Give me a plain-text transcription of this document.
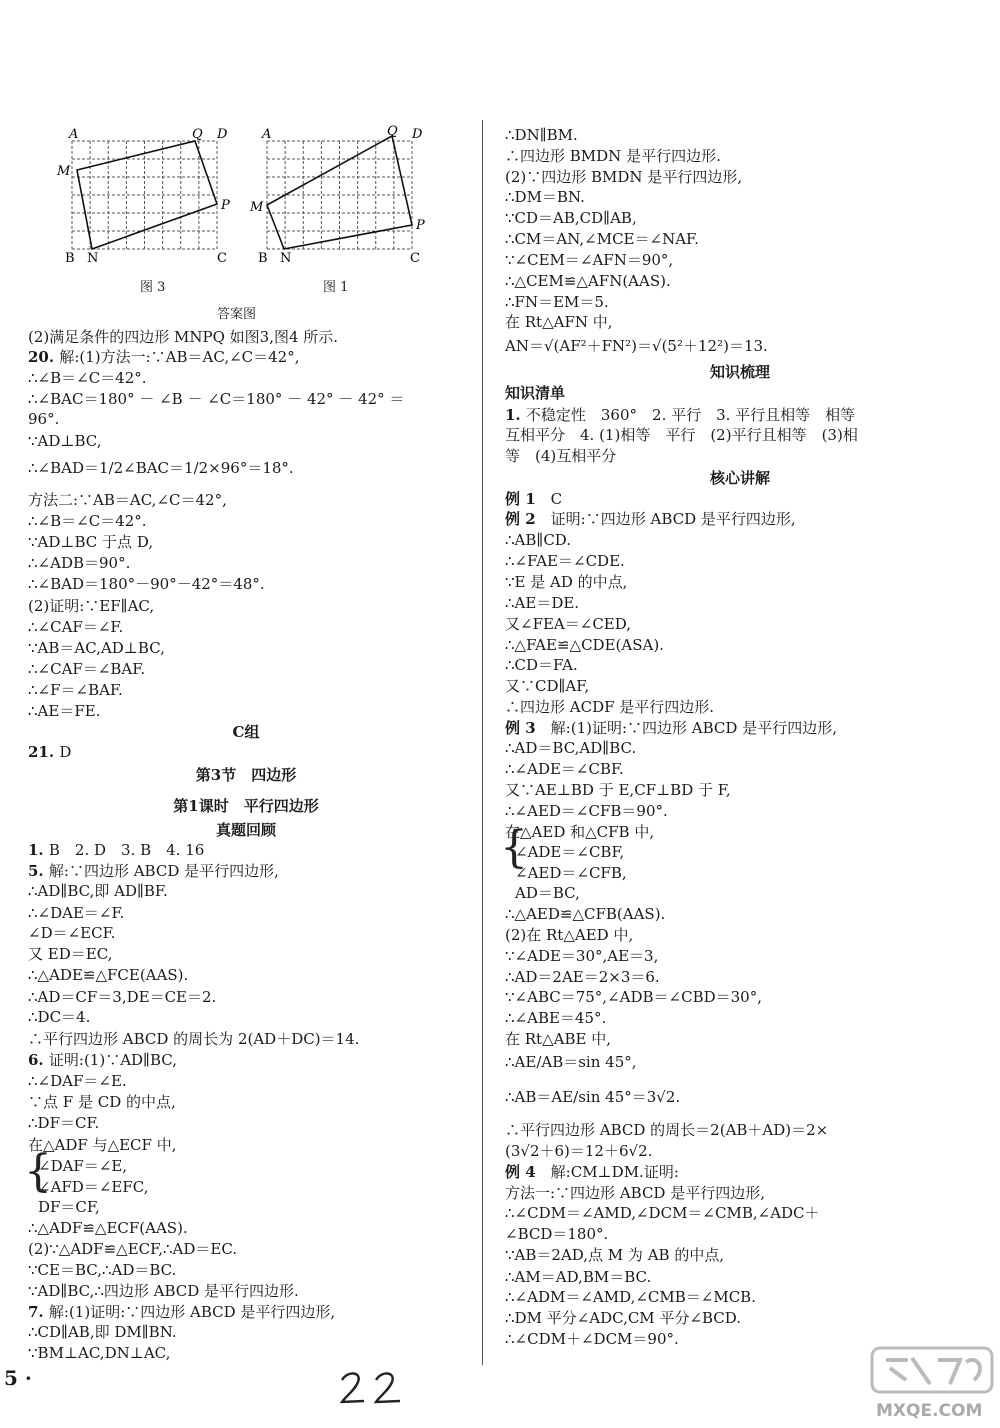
A	Q D
M
P
B N	C
图 3
A	Q D
M
P
B N	C
图 1
答案图
(2)满足条件的四边形 MNPQ 如图3,图4 所示.
20. 解:(1)方法一:∵AB＝AC,∠C＝42°,
∴∠B＝∠C＝42°.
∴∠BAC＝180° － ∠B － ∠C＝180° － 42° － 42° ＝
96°.
∵AD⊥BC,
∴∠BAD＝1/2∠BAC＝1/2×96°＝18°.
方法二:∵AB＝AC,∠C＝42°,
∴∠B＝∠C＝42°.
∵AD⊥BC 于点 D,
∴∠ADB＝90°.
∴∠BAD＝180°－90°－42°＝48°.
(2)证明:∵EF∥AC,
∴∠CAF＝∠F.
∵AB＝AC,AD⊥BC,
∴∠CAF＝∠BAF.
∴∠F＝∠BAF.
∴AE＝FE.
C组
21. D
第3节　四边形
第1课时　平行四边形
真题回顾
1. B　2. D　3. B　4. 16
5. 解:∵四边形 ABCD 是平行四边形,
∴AD∥BC,即 AD∥BF.
∴∠DAE＝∠F.
∠D＝∠ECF.
又 ED＝EC,
∴△ADE≌△FCE(AAS).
∴AD＝CF＝3,DE＝CE＝2.
∴DC＝4.
∴平行四边形 ABCD 的周长为 2(AD＋DC)＝14.
6. 证明:(1)∵AD∥BC,
∴∠DAF＝∠E.
∵点 F 是 CD 的中点,
∴DF＝CF.
在△ADF 与△ECF 中,
∠DAF＝∠E,
∠AFD＝∠EFC,
DF＝CF,
∴△ADF≌△ECF(AAS).
(2)∵△ADF≌△ECF,∴AD＝EC.
∵CE＝BC,∴AD＝BC.
∵AD∥BC,∴四边形 ABCD 是平行四边形.
7. 解:(1)证明:∵四边形 ABCD 是平行四边形,
∴CD∥AB,即 DM∥BN.
∵BM⊥AC,DN⊥AC,
∴DN∥BM.
∴四边形 BMDN 是平行四边形.
(2)∵四边形 BMDN 是平行四边形,
∴DM＝BN.
∵CD＝AB,CD∥AB,
∴CM＝AN,∠MCE＝∠NAF.
∵∠CEM＝∠AFN＝90°,
∴△CEM≌△AFN(AAS).
∴FN＝EM＝5.
在 Rt△AFN 中,
AN＝√(AF²＋FN²)＝√(5²＋12²)＝13.
知识梳理
知识清单
1. 不稳定性　360°　2. 平行　3. 平行且相等　相等
互相平分　4. (1)相等　平行　(2)平行且相等　(3)相
等　(4)互相平分
核心讲解
例 1　C
例 2　证明:∵四边形 ABCD 是平行四边形,
∴AB∥CD.
∴∠FAE＝∠CDE.
∵E 是 AD 的中点,
∴AE＝DE.
又∠FEA＝∠CED,
∴△FAE≌△CDE(ASA).
∴CD＝FA.
又∵CD∥AF,
∴四边形 ACDF 是平行四边形.
例 3　解:(1)证明:∵四边形 ABCD 是平行四边形,
∴AD＝BC,AD∥BC.
∴∠ADE＝∠CBF.
又∵AE⊥BD 于 E,CF⊥BD 于 F,
∴∠AED＝∠CFB＝90°.
在△AED 和△CFB 中,
∠ADE＝∠CBF,
∠AED＝∠CFB,
AD＝BC,
∴△AED≌△CFB(AAS).
(2)在 Rt△AED 中,
∵∠ADE＝30°,AE＝3,
∴AD＝2AE＝2×3＝6.
∵∠ABC＝75°,∠ADB＝∠CBD＝30°,
∴∠ABE＝45°.
在 Rt△ABE 中,
∴AE/AB＝sin 45°,
∴AB＝AE/sin 45°＝3√2.
∴平行四边形 ABCD 的周长＝2(AB＋AD)＝2×
(3√2＋6)＝12＋6√2.
例 4　解:CM⊥DM.证明:
方法一:∵四边形 ABCD 是平行四边形,
∴∠CDM＝∠AMD,∠DCM＝∠CMB,∠ADC＋
∠BCD＝180°.
∵AB＝2AD,点 M 为 AB 的中点,
∴AM＝AD,BM＝BC.
∴∠ADM＝∠AMD,∠CMB＝∠MCB.
∴DM 平分∠ADC,CM 平分∠BCD.
∴∠CDM＋∠DCM＝90°.
5 ·
MXQE.COM
{
{
